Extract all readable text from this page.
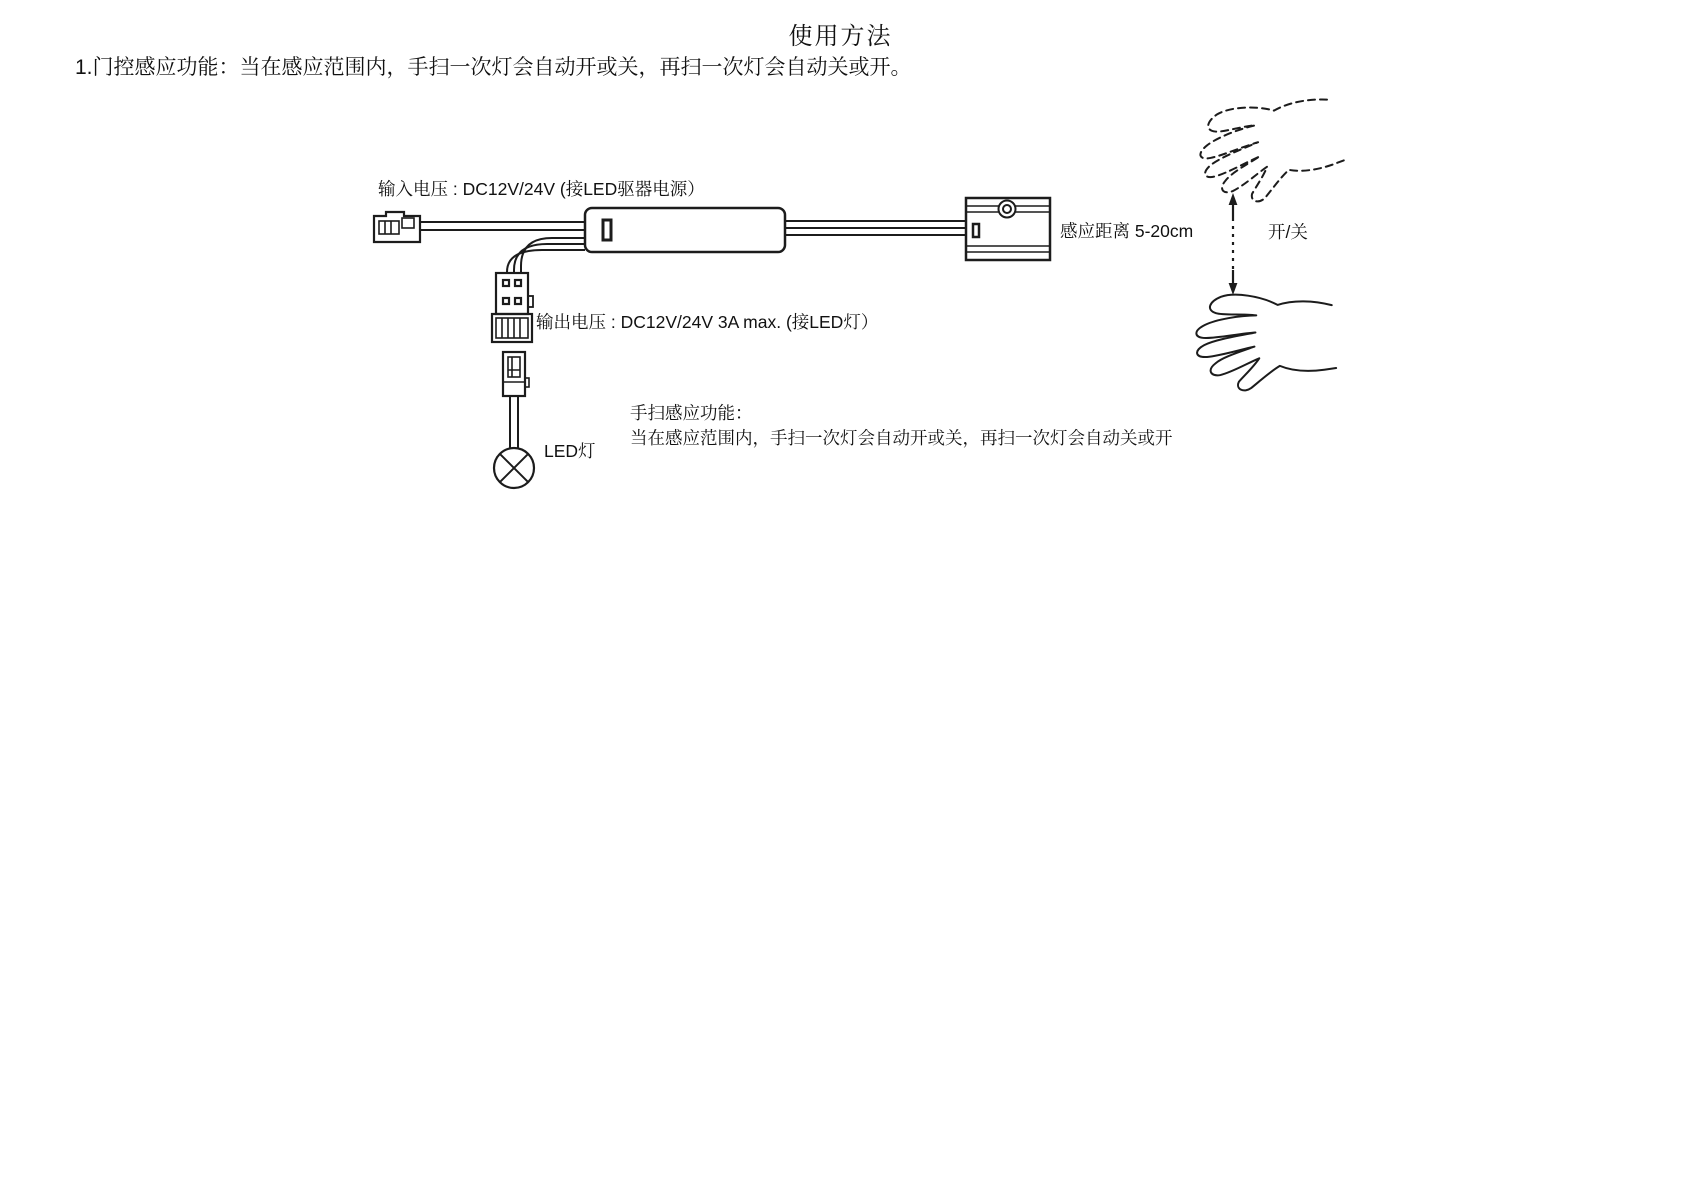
使用方法
1.门控感应功能：当在感应范围内，手扫一次灯会自动开或关，再扫一次灯会自动关或开。
输入电压 : DC12V/24V (接LED驱器电源）
输出电压 : DC12V/24V 3A max. (接LED灯）
LED灯
感应距离 5-20cm	开/关
手扫感应功能：
当在感应范围内，手扫一次灯会自动开或关，再扫一次灯会自动关或开
